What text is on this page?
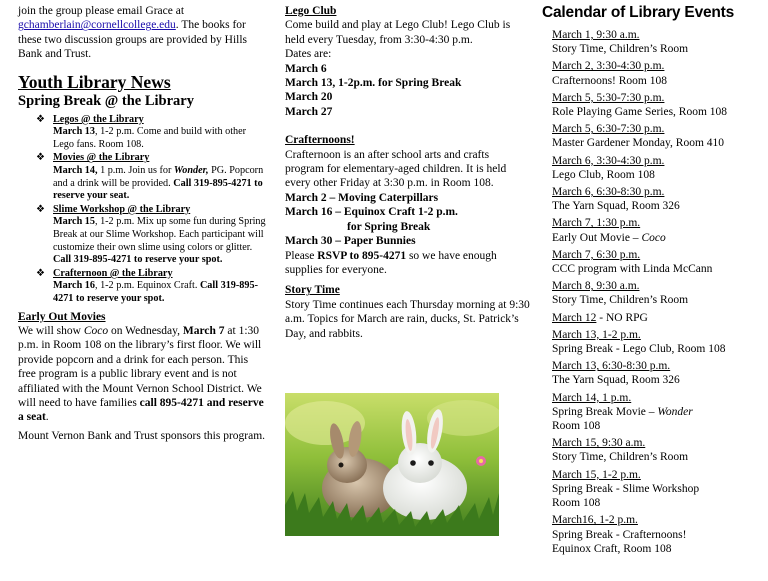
join the group please email Grace at gchamberlain@cornellcollege.edu. The books for these two discussion groups are provided by Hills Bank and Trust.
Youth Library News
Spring Break @ the Library
❖ Legos @ the Library
March 13, 1-2 p.m. Come and build with other Lego fans. Room 108.
❖ Movies @ the Library
March 14, 1 p.m. Join us for Wonder, PG. Popcorn and a drink will be provided. Call 319-895-4271 to reserve your seat.
❖ Slime Workshop @ the Library
March 15, 1-2 p.m. Mix up some fun during Spring Break at our Slime Workshop. Each participant will customize their own slime using colors or glitter. Call 319-895-4271 to reserve your spot.
❖ Crafternoon @ the Library
March 16, 1-2 p.m. Equinox Craft. Call 319-895-4271 to reserve your spot.
Early Out Movies
We will show Coco on Wednesday, March 7 at 1:30 p.m. in Room 108 on the library’s first floor. We will provide popcorn and a drink for each person. This free program is a public library event and is not affiliated with the Mount Vernon School District. We will need to have families call 895-4271 and reserve a seat.
Mount Vernon Bank and Trust sponsors this program.
Lego Club
Come build and play at Lego Club! Lego Club is held every Tuesday, from 3:30-4:30 p.m.
Dates are:
March 6
March 13, 1-2p.m. for Spring Break
March 20
March 27
Crafternoons!
Crafternoon is an after school arts and crafts program for elementary-aged children. It is held every other Friday at 3:30 p.m. in Room 108.
March 2 – Moving Caterpillars
March 16 – Equinox Craft 1-2 p.m.
for Spring Break
March 30 – Paper Bunnies
Please RSVP to 895-4271 so we have enough supplies for everyone.
Story Time
Story Time continues each Thursday morning at 9:30 a.m. Topics for March are rain, ducks, St. Patrick’s Day, and rabbits.
Calendar of Library Events
March 1, 9:30 a.m.
Story Time, Children’s Room
March 2, 3:30-4:30 p.m.
Crafternoons! Room 108
March 5, 5:30-7:30 p.m.
Role Playing Game Series, Room 108
March 5, 6:30-7:30 p.m.
Master Gardener Monday, Room 410
March 6, 3:30-4:30 p.m.
Lego Club, Room 108
March 6, 6:30-8:30 p.m.
The Yarn Squad, Room 326
March 7, 1:30 p.m.
Early Out Movie – Coco
March 7, 6:30 p.m.
CCC program with Linda McCann
March 8, 9:30 a.m.
Story Time, Children’s Room
March 12 - NO RPG
March 13, 1-2 p.m.
Spring Break - Lego Club, Room 108
March 13, 6:30-8:30 p.m.
The Yarn Squad, Room 326
March 14, 1 p.m.
Spring Break Movie – Wonder
Room 108
March 15, 9:30 a.m.
Story Time, Children’s Room
March 15, 1-2 p.m.
Spring Break - Slime Workshop
Room 108
March16, 1-2 p.m.
Spring Break - Crafternoons!
Equinox Craft, Room 108
